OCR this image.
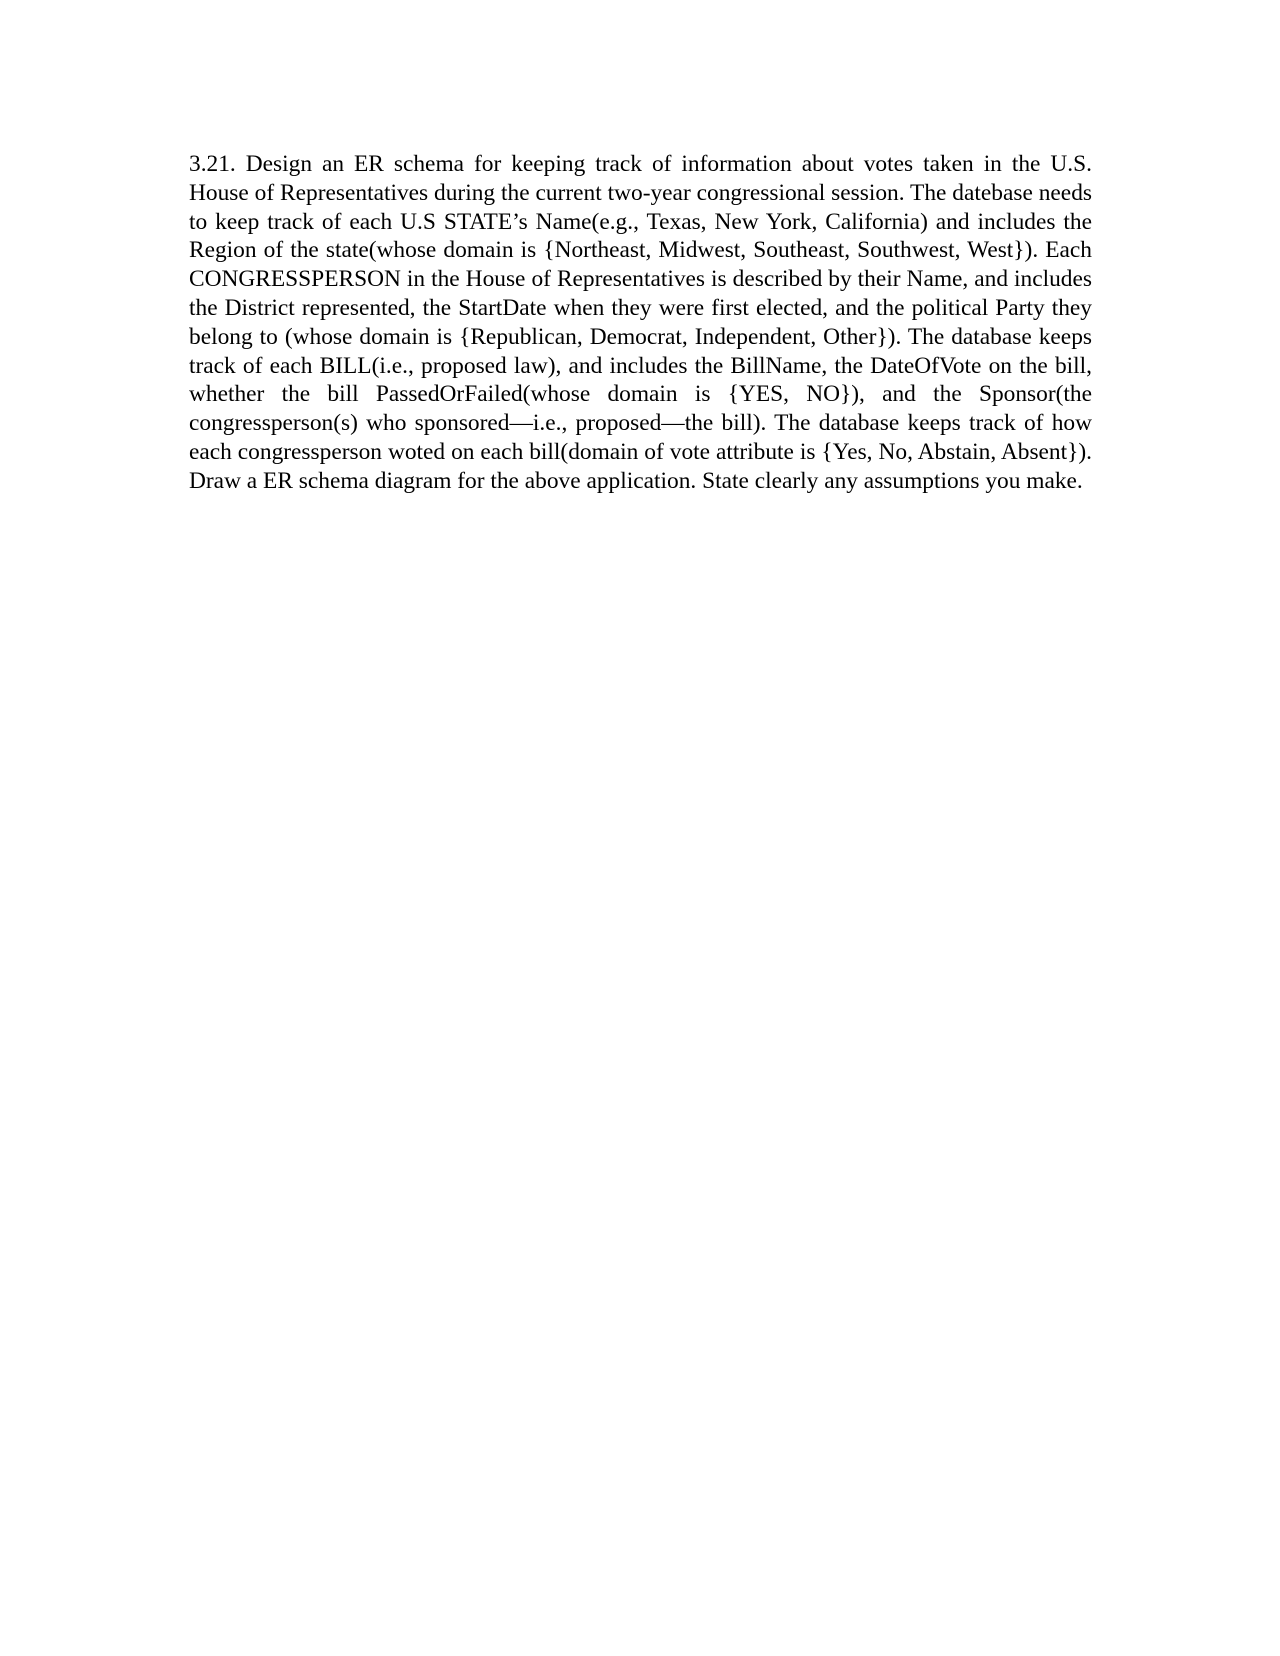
3.21. Design an ER schema for keeping track of information about votes taken in the U.S. House of Representatives during the current two-year congressional session. The datebase needs to keep track of each U.S STATE’s Name(e.g., Texas, New York, California) and includes the Region of the state(whose domain is {Northeast, Midwest, Southeast, Southwest, West}). Each CONGRESSPERSON in the House of Representatives is described by their Name, and includes the District represented, the StartDate when they were first elected, and the political Party they belong to (whose domain is {Republican, Democrat, Independent, Other}). The database keeps track of each BILL(i.e., proposed law), and includes the BillName, the DateOfVote on the bill, whether the bill PassedOrFailed(whose domain is {YES, NO}), and the Sponsor(the congressperson(s) who sponsored—i.e., proposed—the bill). The database keeps track of how each congressperson woted on each bill(domain of vote attribute is {Yes, No, Abstain, Absent}). Draw a ER schema diagram for the above application. State clearly any assumptions you make.
